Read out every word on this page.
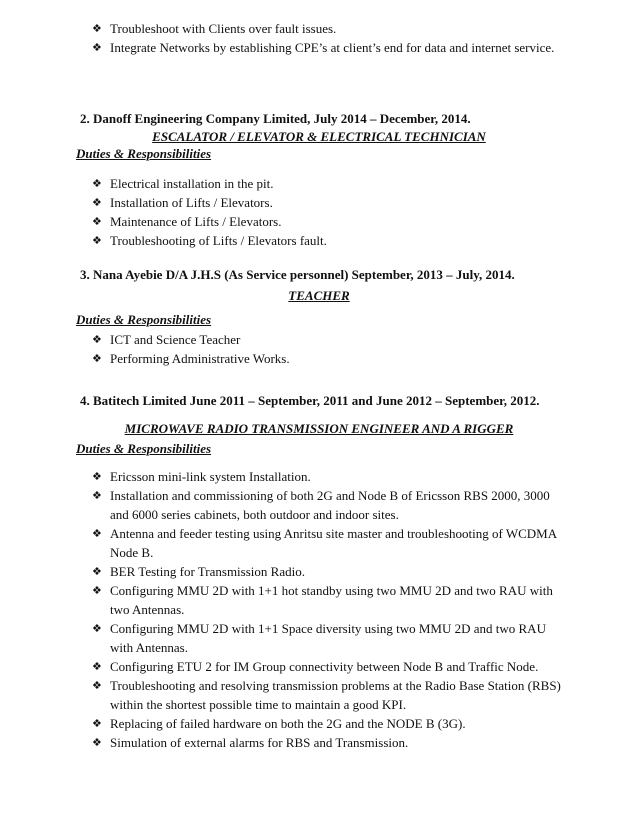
❖ Troubleshoot with Clients over fault issues.
❖ Integrate Networks by establishing CPE’s at client’s end for data and internet service.
2. Danoff Engineering Company Limited, July 2014 – December, 2014.
ESCALATOR / ELEVATOR & ELECTRICAL TECHNICIAN
Duties & Responsibilities
❖ Electrical installation in the pit.
❖ Installation of Lifts / Elevators.
❖ Maintenance of Lifts / Elevators.
❖ Troubleshooting of Lifts / Elevators fault.
3. Nana Ayebie D/A J.H.S (As Service personnel) September, 2013 – July, 2014.
TEACHER
Duties & Responsibilities
❖ ICT and Science Teacher
❖ Performing Administrative Works.
4. Batitech Limited June 2011 – September, 2011 and June 2012 – September, 2012.
MICROWAVE RADIO TRANSMISSION ENGINEER AND A RIGGER
Duties & Responsibilities
❖ Ericsson mini-link system Installation.
❖ Installation and commissioning of both 2G and Node B of Ericsson RBS 2000, 3000 and 6000 series cabinets, both outdoor and indoor sites.
❖ Antenna and feeder testing using Anritsu site master and troubleshooting of WCDMA Node B.
❖ BER Testing for Transmission Radio.
❖ Configuring MMU 2D with 1+1 hot standby using two MMU 2D and two RAU with two Antennas.
❖ Configuring MMU 2D with 1+1 Space diversity using two MMU 2D and two RAU with Antennas.
❖ Configuring ETU 2 for IM Group connectivity between Node B and Traffic Node.
❖ Troubleshooting and resolving transmission problems at the Radio Base Station (RBS) within the shortest possible time to maintain a good KPI.
❖ Replacing of failed hardware on both the 2G and the NODE B (3G).
❖ Simulation of external alarms for RBS and Transmission.
